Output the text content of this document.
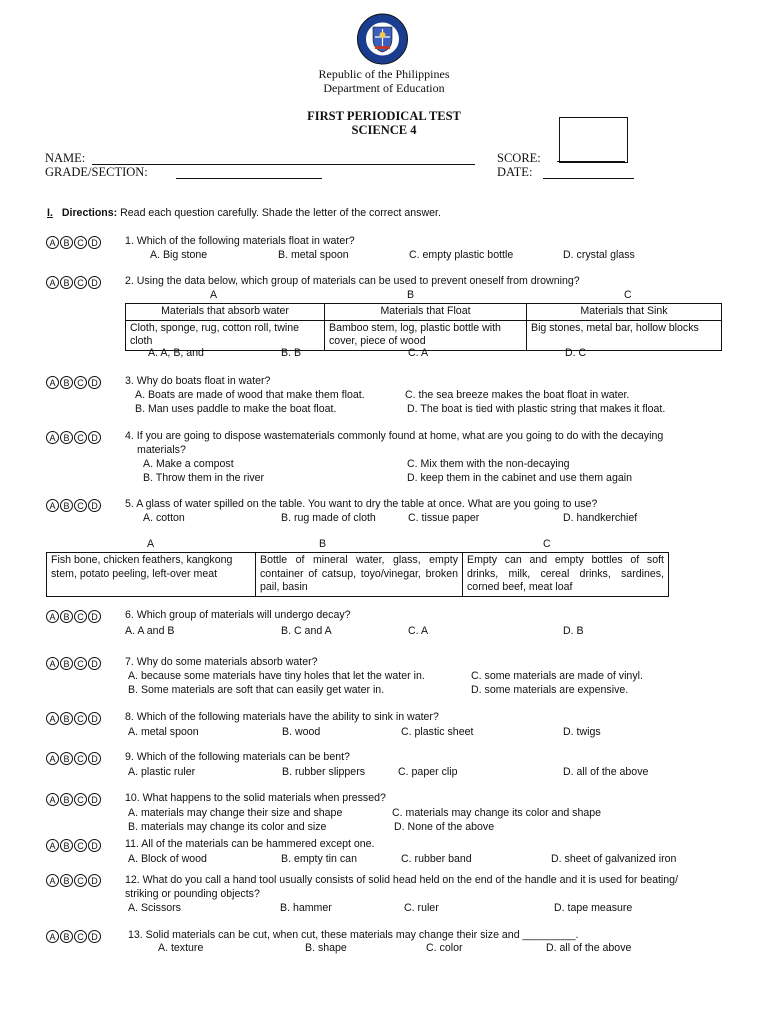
Republic of the Philippines
Department of Education
FIRST PERIODICAL TEST
SCIENCE 4
NAME:
GRADE/SECTION:
SCORE:
DATE:
I. Directions: Read each question carefully. Shade the letter of the correct answer.
A B C D	1. Which of the following materials float in water?
A. Big stone	B. metal spoon	C. empty plastic bottle	D. crystal glass
A B C D	2. Using the data below, which group of materials can be used to prevent oneself from drowning?
A	B	C
Materials that absorb water	Materials that Float	Materials that Sink
Cloth, sponge, rug, cotton roll, twine cloth	Bamboo stem, log, plastic bottle with cover, piece of wood	Big stones, metal bar, hollow blocks
A. A, B, and	B. B	C. A	D. C
A B C D	3. Why do boats float in water?
A. Boats are made of wood that make them float.	C. the sea breeze makes the boat float in water.
B. Man uses paddle to make the boat float.	D. The boat is tied with plastic string that makes it float.
A B C D	4. If you are going to dispose wastematerials commonly found at home, what are you going to do with the decaying
materials?
A. Make a compost	C. Mix them with the non-decaying
B. Throw them in the river	D. keep them in the cabinet and use them again
A B C D	5. A glass of water spilled on the table. You want to dry the table at once. What are you going to use?
A. cotton	B. rug made of cloth	C. tissue paper	D. handkerchief
A	B	C
Fish bone, chicken feathers, kangkong stem, potato peeling, left-over meat	Bottle of mineral water, glass, empty container of catsup, toyo/vinegar, broken pail, basin	Empty can and empty bottles of soft drinks, milk, cereal drinks, sardines, corned beef, meat loaf
A B C D	6. Which group of materials will undergo decay?
A. A and B	B. C and A	C. A	D. B
A B C D	7. Why do some materials absorb water?
A. because some materials have tiny holes that let the water in.	C. some materials are made of vinyl.
B. Some materials are soft that can easily get water in.	D. some materials are expensive.
A B C D	8. Which of the following materials have the ability to sink in water?
A. metal spoon	B. wood	C. plastic sheet	D. twigs
A B C D	9. Which of the following materials can be bent?
A. plastic ruler	B. rubber slippers	C. paper clip	D. all of the above
A B C D	10. What happens to the solid materials when pressed?
A. materials may change their size and shape	C. materials may change its color and shape
B. materials may change its color and size	D. None of the above
A B C D	11. All of the materials can be hammered except one.
A. Block of wood	B. empty tin can	C. rubber band	D. sheet of galvanized iron
A B C D	12. What do you call a hand tool usually consists of solid head held on the end of the handle and it is used for beating/
striking or pounding objects?
A. Scissors	B. hammer	C. ruler	D. tape measure
A B C D	13. Solid materials can be cut, when cut, these materials may change their size and _________.
A. texture	B. shape	C. color	D. all of the above
